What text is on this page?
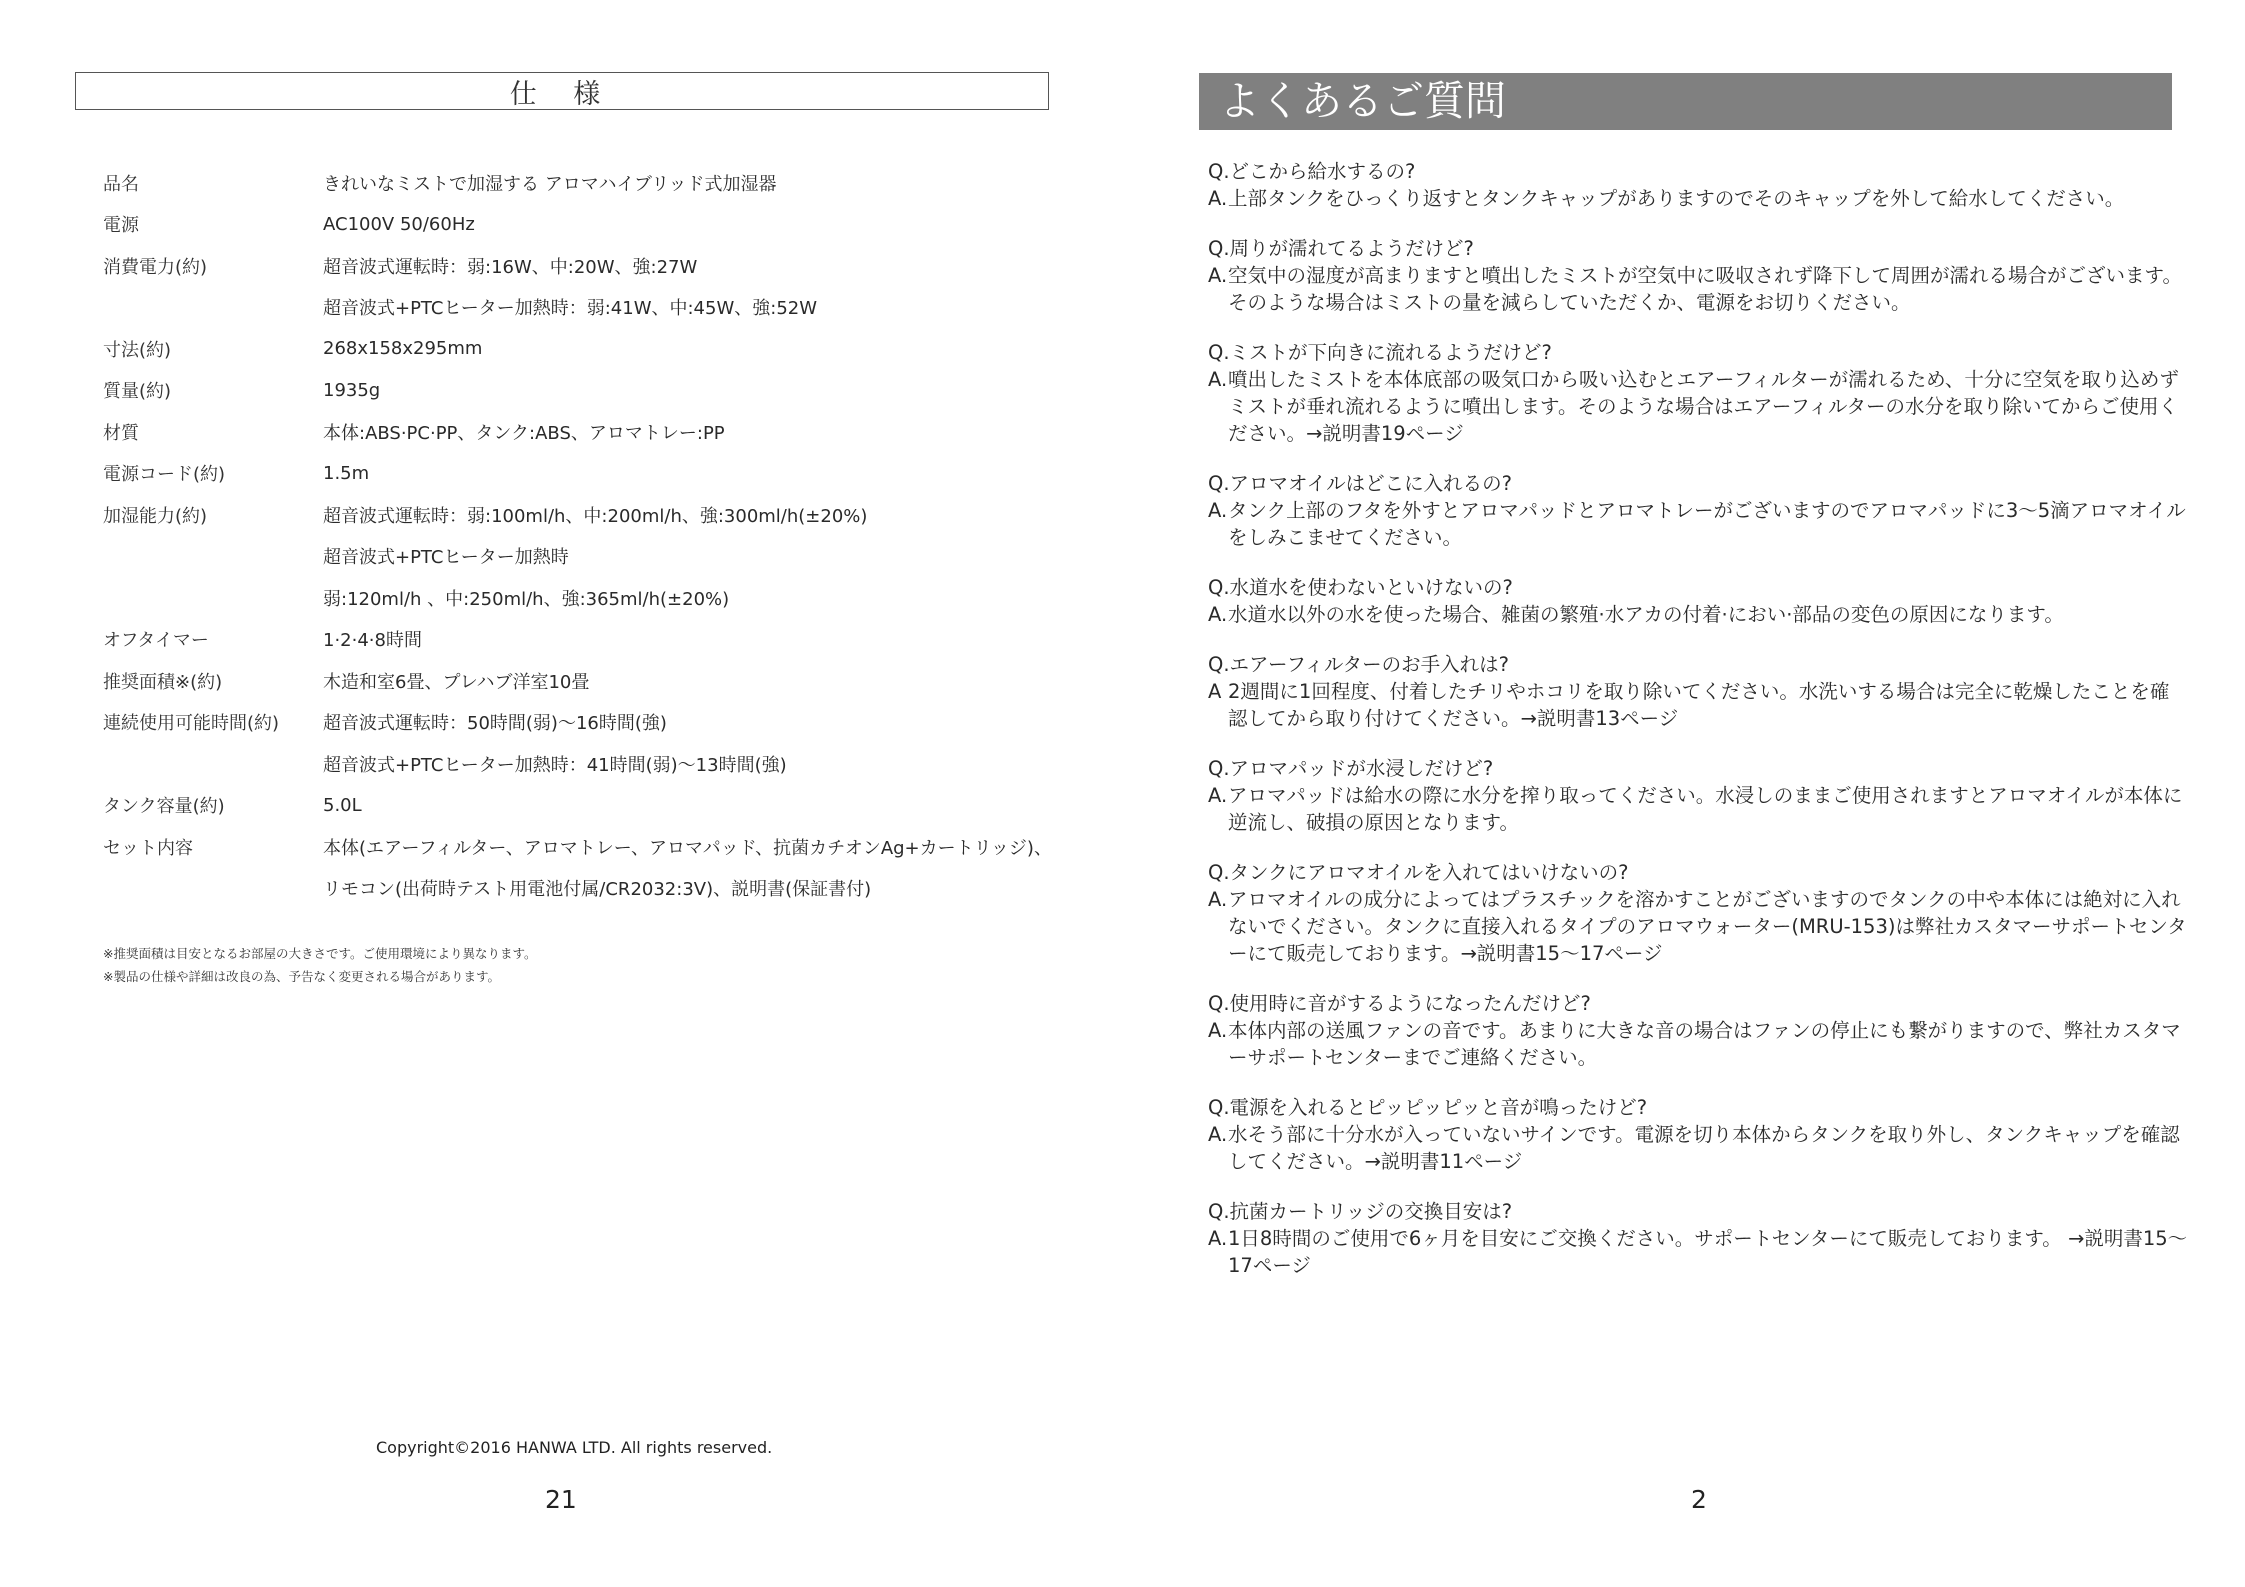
仕 様
品名	きれいなミストで加湿する アロマハイブリッド式加湿器
電源	AC100V 50/60Hz
消費電力(約)	超音波式運転時：弱:16W、中:20W、強:27W
超音波式+PTCヒーター加熱時：弱:41W、中:45W、強:52W
寸法(約)	268x158x295mm
質量(約)	1935g
材質	本体:ABS·PC·PP、タンク:ABS、アロマトレー:PP
電源コード(約)	1.5m
加湿能力(約)	超音波式運転時：弱:100ml/h、中:200ml/h、強:300ml/h(±20%)
超音波式+PTCヒーター加熱時
弱:120ml/h 、中:250ml/h、強:365ml/h(±20%)
オフタイマー	1·2·4·8時間
推奨面積※(約)	木造和室6畳、プレハブ洋室10畳
連続使用可能時間(約)	超音波式運転時：50時間(弱)〜16時間(強)
超音波式+PTCヒーター加熱時：41時間(弱)〜13時間(強)
タンク容量(約)	5.0L
セット内容	本体(エアーフィルター、アロマトレー、アロマパッド、抗菌カチオンAg+カートリッジ)、
リモコン(出荷時テスト用電池付属/CR2032:3V)、説明書(保証書付)
※推奨面積は目安となるお部屋の大きさです。ご使用環境により異なります。
※製品の仕様や詳細は改良の為、予告なく変更される場合があります。
Copyright©2016 HANWA LTD. All rights reserved.
21
よくあるご質問
Q.どこから給水するの?
A. 上部タンクをひっくり返すとタンクキャップがありますのでそのキャップを外して給水してください。
Q.周りが濡れてるようだけど?
A. 空気中の湿度が高まりますと噴出したミストが空気中に吸収されず降下して周囲が濡れる場合がございます。そのような場合はミストの量を減らしていただくか、電源をお切りください。
Q.ミストが下向きに流れるようだけど?
A. 噴出したミストを本体底部の吸気口から吸い込むとエアーフィルターが濡れるため、十分に空気を取り込めずミストが垂れ流れるように噴出します。そのような場合はエアーフィルターの水分を取り除いてからご使用ください。→説明書19ページ
Q.アロマオイルはどこに入れるの?
A. タンク上部のフタを外すとアロマパッドとアロマトレーがございますのでアロマパッドに3〜5滴アロマオイルをしみこませてください。
Q.水道水を使わないといけないの?
A. 水道水以外の水を使った場合、雑菌の繁殖·水アカの付着·におい·部品の変色の原因になります。
Q.エアーフィルターのお手入れは?
A 2週間に1回程度、付着したチリやホコリを取り除いてください。水洗いする場合は完全に乾燥したことを確認してから取り付けてください。→説明書13ページ
Q.アロマパッドが水浸しだけど?
A. アロマパッドは給水の際に水分を搾り取ってください。水浸しのままご使用されますとアロマオイルが本体に逆流し、破損の原因となります。
Q.タンクにアロマオイルを入れてはいけないの?
A. アロマオイルの成分によってはプラスチックを溶かすことがございますのでタンクの中や本体には絶対に入れないでください。タンクに直接入れるタイプのアロマウォーター(MRU-153)は弊社カスタマーサポートセンターにて販売しております。→説明書15〜17ページ
Q.使用時に音がするようになったんだけど?
A. 本体内部の送風ファンの音です。あまりに大きな音の場合はファンの停止にも繋がりますので、弊社カスタマーサポートセンターまでご連絡ください。
Q.電源を入れるとピッピッピッと音が鳴ったけど?
A. 水そう部に十分水が入っていないサインです。電源を切り本体からタンクを取り外し、タンクキャップを確認してください。→説明書11ページ
Q.抗菌カートリッジの交換目安は?
A. 1日8時間のご使用で6ヶ月を目安にご交換ください。サポートセンターにて販売しております。 →説明書15〜17ページ
2
